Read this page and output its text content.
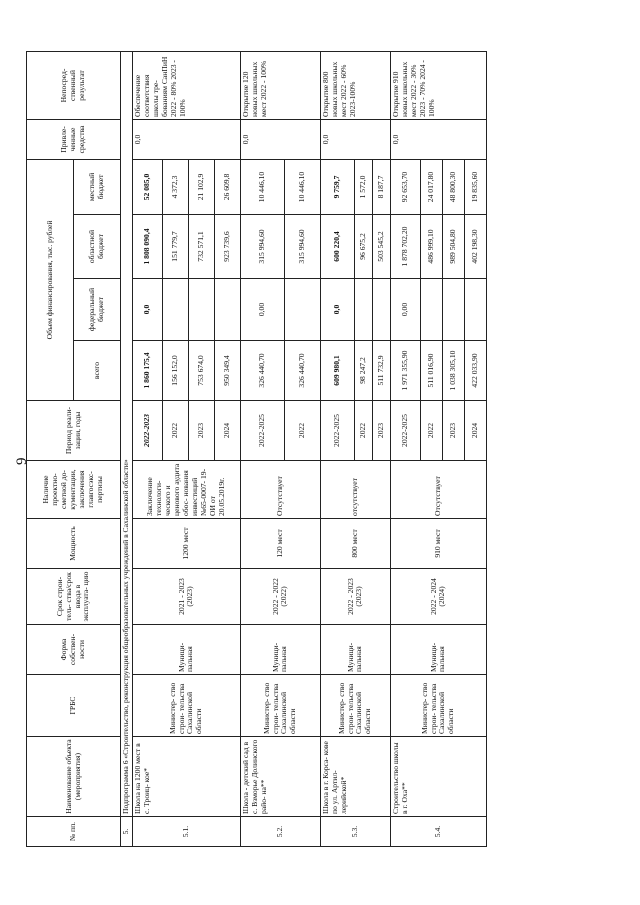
9
№ пп.	Наименование объекта (мероприятия)	ГРБС	Форма собствен- ности	Срок строи- тель- ства/срок ввода в эксплуата- цию	Мощность	Наличие проектно- сметной до- кументации, заключения главгосэкс- пертизы	Период реали- зации, годы	Объем финансирования, тыс. рублей				Привле- ченные средства	Непосред- ственный результат
								всего	федеральный бюджет	областной бюджет	местный бюджет		
5.	Подпрограмма 6 «Строительство, реконструкция общеобразовательных учреждений в Сахалинской области»												
5.1.	Школа на 1200 мест в с. Троиц- кое*	Министер- ство строи- тельства Сахалинской области	Муници- пальная	2021 - 2023 (2023)	1200 мест	Заключение технологи- ческого и ценового аудита обос- нования инвестиций №65-0007- 19-ОИ от 20.05.2019г.	2022-2023	1 860 175,4	0,0	1 808 090,4	52 085,0	0,0	Обеспечение соответствия школы тре- бованиям СанПиН 2022 - 80% 2023 - 100%
							2022	156 152,0		151 779,7	4 372,3		
							2023	753 674,0		732 571,1	21 102,9		
							2024	950 349,4		923 739,6	26 609,8		
5.2.	Школа - детский сад в с. Взморье Долинского райо- на**	Министер- ство строи- тельства Сахалинской области	Муници- пальная	2022 - 2022 (2022)	120 мест	Отсутствует	2022-2025	326 440,70	0,00	315 994,60	10 446,10	0,0	Открытие 120 новых школьных мест 2022 - 100%
							2022	326 440,70		315 994,60	10 446,10		
5.3.	Школа в г. Корса- кове по ул. Артил- лерийской*	Министер- ство строи- тельства Сахалинской области	Муници- пальная	2022 - 2023 (2023)	800 мест	отсутствует	2022-2025	609 980,1	0,0	600 220,4	9 759,7	0,0	Открытие 800 новых школьных мест 2022 - 60% 2023-100%
							2022	98 247,2		96 675,2	1 572,0		
							2023	511 732,9		503 545,2	8 187,7		
5.4.	Строительство школы в г. Оха**	Министер- ство строи- тельства Сахалинской области	Муници- пальная	2022 - 2024 (2024)	910 мест	Отсутствует	2022-2025	1 971 355,90	0,00	1 878 702,20	92 653,70	0,0	Открытие 910 новых школьных мест 2022 - 30% 2023 - 70% 2024 - 100%
							2022	511 016,90		486 999,10	24 017,80		
							2023	1 038 305,10		989 504,80	48 800,30		
							2024	422 033,90		402 198,30	19 835,60		
